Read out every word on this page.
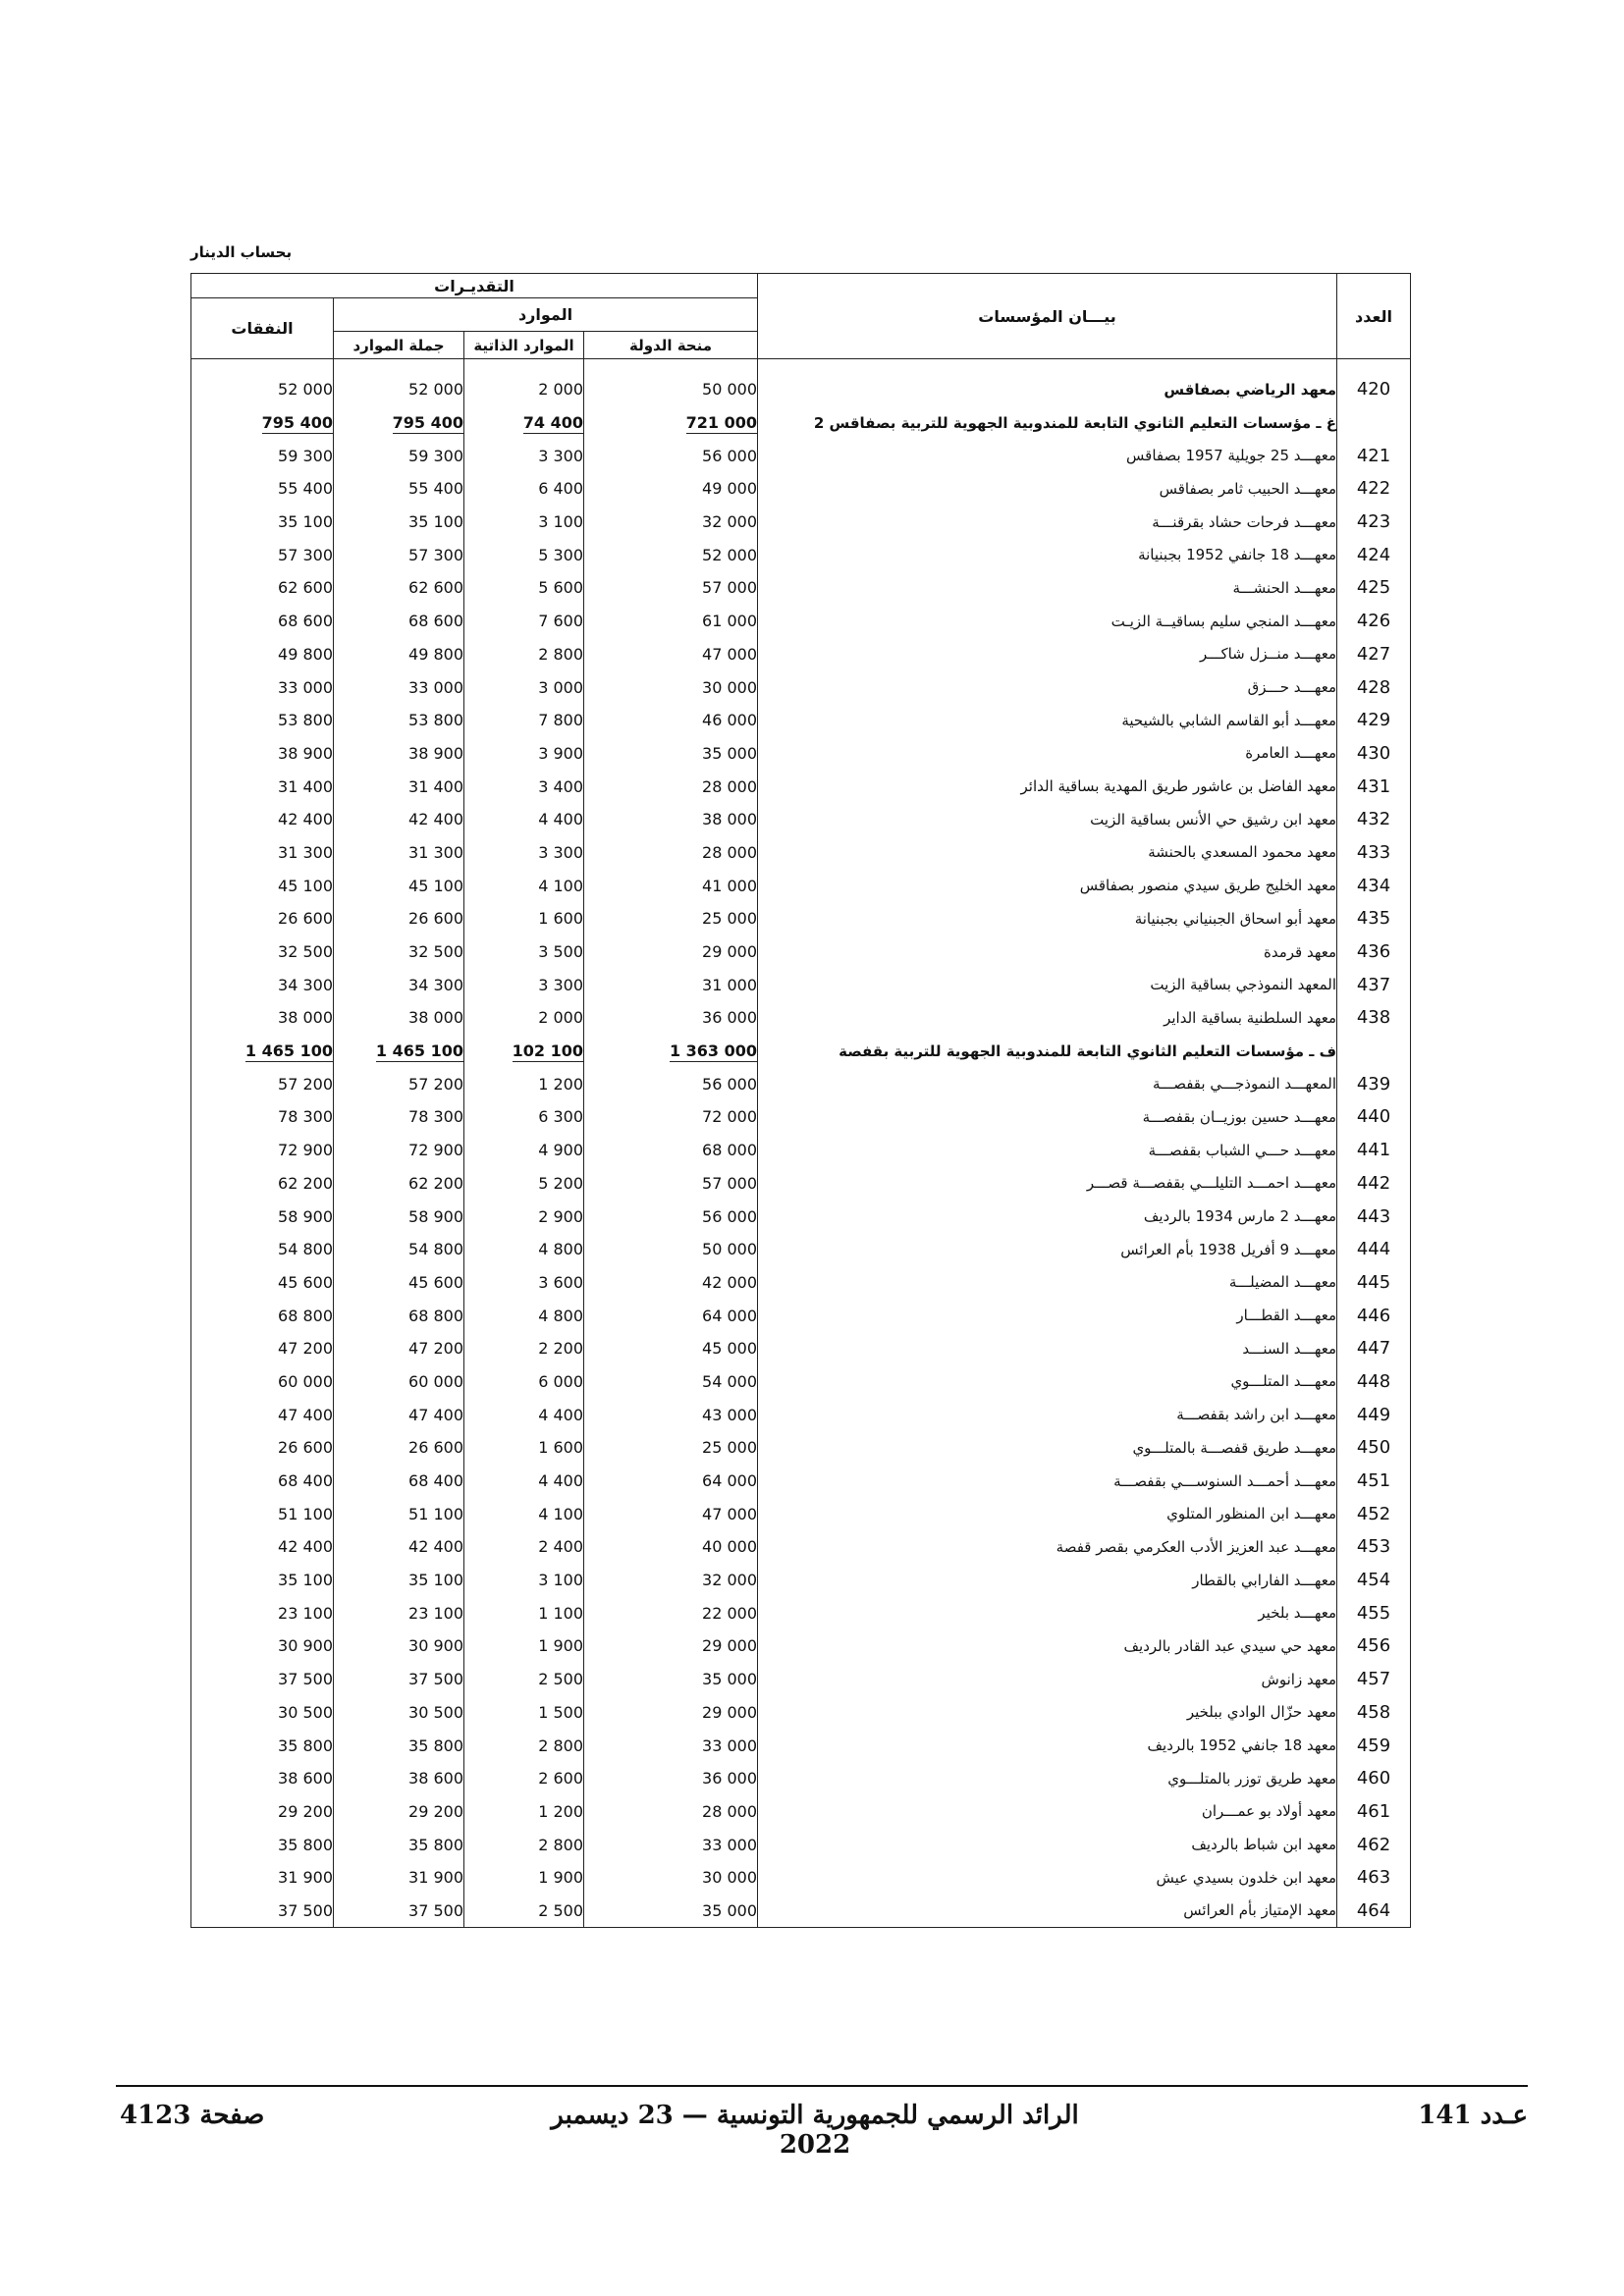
بحساب الدينار
التقديـرات				بيـــان المؤسسات	العدد
النفقات	الموارد				
	جملة الموارد	الموارد الذاتية	منحة الدولة		

52 000	52 000	2 000	50 000	معهد الرياضي بصفاقس	420
795 400	795 400	74 400	721 000	غ ـ مؤسسات التعليم الثانوي التابعة للمندوبية الجهوية للتربية بصفاقس 2	
59 300	59 300	3 300	56 000	معهـــد 25 جويلية 1957 بصفاقس	421
55 400	55 400	6 400	49 000	معهـــد الحبيب ثامر بصفاقس	422
35 100	35 100	3 100	32 000	معهـــد فرحات حشاد بقرقنـــة	423
57 300	57 300	5 300	52 000	معهـــد 18 جانفي 1952 بجبنيانة	424
62 600	62 600	5 600	57 000	معهـــد الحنشـــة	425
68 600	68 600	7 600	61 000	معهـــد المنجي سليم بساقيــة الزيـت	426
49 800	49 800	2 800	47 000	معهـــد منــزل شاكـــر	427
33 000	33 000	3 000	30 000	معهـــد حـــزق	428
53 800	53 800	7 800	46 000	معهـــد أبو القاسم الشابي بالشيحية	429
38 900	38 900	3 900	35 000	معهـــد العامرة	430
31 400	31 400	3 400	28 000	معهد الفاضل بن عاشور طريق المهدية بساقية الدائر	431
42 400	42 400	4 400	38 000	معهد ابن رشيق حي الأنس بساقية الزيت	432
31 300	31 300	3 300	28 000	معهد محمود المسعدي بالحنشة	433
45 100	45 100	4 100	41 000	معهد الخليج طريق سيدي منصور بصفاقس	434
26 600	26 600	1 600	25 000	معهد أبو اسحاق الجبنياني بجبنيانة	435
32 500	32 500	3 500	29 000	معهد قرمدة	436
34 300	34 300	3 300	31 000	المعهد النموذجي بساقية الزيت	437
38 000	38 000	2 000	36 000	معهد السلطنية بساقية الداير	438
1 465 100	1 465 100	102 100	1 363 000	ف ـ مؤسسات التعليم الثانوي التابعة للمندوبية الجهوية للتربية بقفصة	
57 200	57 200	1 200	56 000	المعهـــد النموذجـــي بقفصـــة	439
78 300	78 300	6 300	72 000	معهـــد حسين بوزيــان بقفصـــة	440
72 900	72 900	4 900	68 000	معهـــد حـــي الشباب بقفصـــة	441
62 200	62 200	5 200	57 000	معهـــد احمـــد التليلـــي بقفصـــة قصـــر	442
58 900	58 900	2 900	56 000	معهـــد 2 مارس 1934 بالرديف	443
54 800	54 800	4 800	50 000	معهـــد 9 أفريل 1938 بأم العرائس	444
45 600	45 600	3 600	42 000	معهـــد المضيلـــة	445
68 800	68 800	4 800	64 000	معهـــد القطـــار	446
47 200	47 200	2 200	45 000	معهـــد السنـــد	447
60 000	60 000	6 000	54 000	معهـــد المتلـــوي	448
47 400	47 400	4 400	43 000	معهـــد ابن راشد بقفصـــة	449
26 600	26 600	1 600	25 000	معهـــد طريق قفصـــة بالمتلـــوي	450
68 400	68 400	4 400	64 000	معهـــد أحمـــد السنوســـي بقفصـــة	451
51 100	51 100	4 100	47 000	معهـــد ابن المنظور المتلوي	452
42 400	42 400	2 400	40 000	معهـــد عبد العزيز الأدب العكرمي بقصر قفصة	453
35 100	35 100	3 100	32 000	معهـــد الفارابي بالقطار	454
23 100	23 100	1 100	22 000	معهـــد بلخير	455
30 900	30 900	1 900	29 000	معهد حي سيدي عبد القادر بالرديف	456
37 500	37 500	2 500	35 000	معهد زانوش	457
30 500	30 500	1 500	29 000	معهد حزّال الوادي ببلخير	458
35 800	35 800	2 800	33 000	معهد 18 جانفي 1952 بالرديف	459
38 600	38 600	2 600	36 000	معهد طريق توزر بالمتلـــوي	460
29 200	29 200	1 200	28 000	معهد أولاد بو عمـــران	461
35 800	35 800	2 800	33 000	معهد ابن شباط بالرديف	462
31 900	31 900	1 900	30 000	معهد ابن خلدون بسيدي عيش	463
37 500	37 500	2 500	35 000	معهد الإمتياز بأم العرائس	464
صفحة 4123	الرائد الرسمي للجمهورية التونسية — 23 ديسمبر 2022
عـدد 141
